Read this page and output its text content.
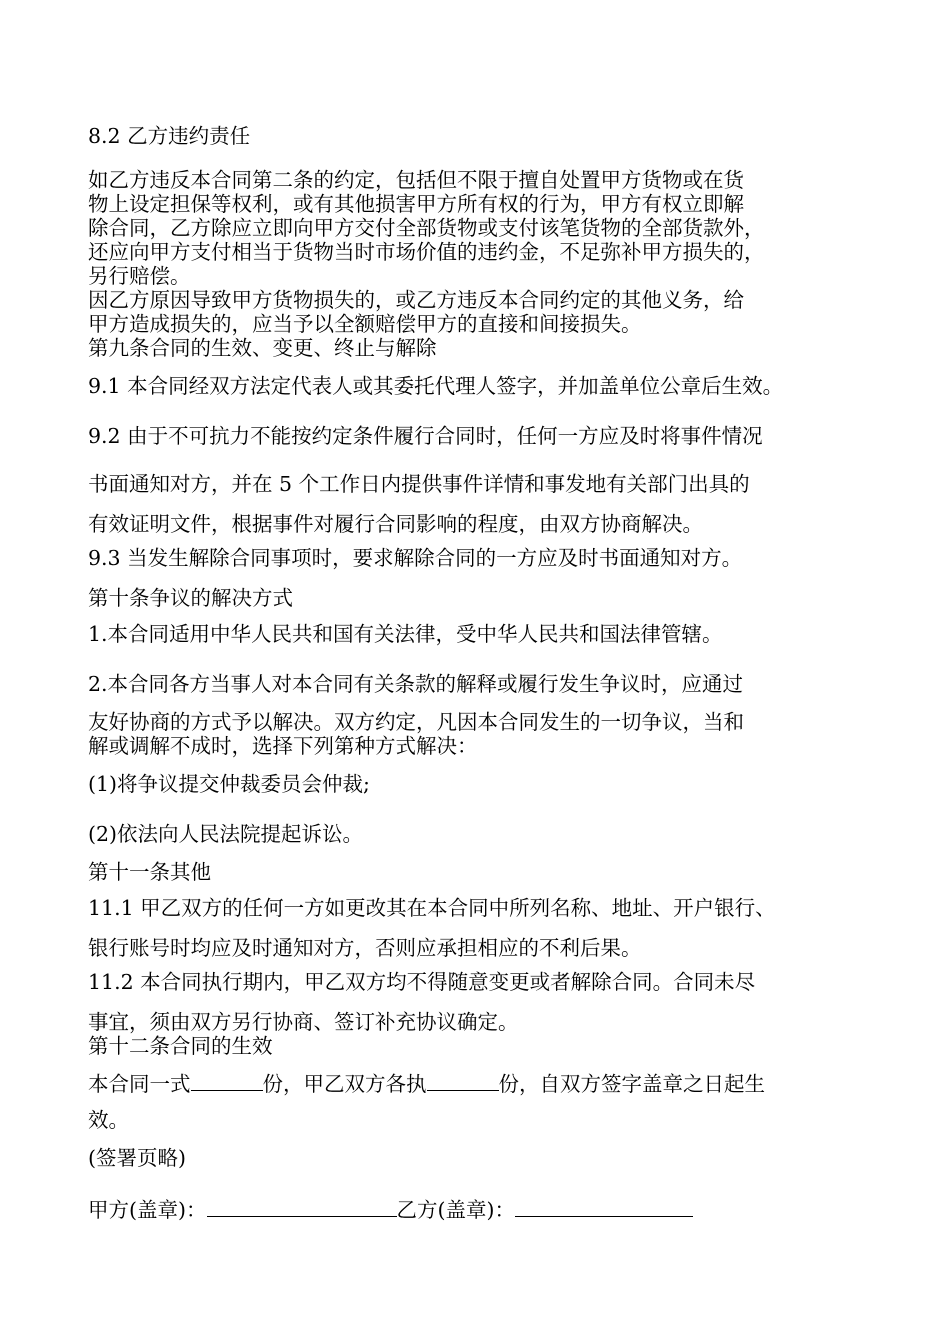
8.2 乙方违约责任
如乙方违反本合同第二条的约定，包括但不限于擅自处置甲方货物或在货
物上设定担保等权利，或有其他损害甲方所有权的行为，甲方有权立即解
除合同，乙方除应立即向甲方交付全部货物或支付该笔货物的全部货款外，
还应向甲方支付相当于货物当时市场价值的违约金，不足弥补甲方损失的，
另行赔偿。
因乙方原因导致甲方货物损失的，或乙方违反本合同约定的其他义务，给
甲方造成损失的，应当予以全额赔偿甲方的直接和间接损失。
第九条合同的生效、变更、终止与解除
9.1 本合同经双方法定代表人或其委托代理人签字，并加盖单位公章后生效。
9.2 由于不可抗力不能按约定条件履行合同时，任何一方应及时将事件情况
书面通知对方，并在 5 个工作日内提供事件详情和事发地有关部门出具的
有效证明文件，根据事件对履行合同影响的程度，由双方协商解决。
9.3 当发生解除合同事项时，要求解除合同的一方应及时书面通知对方。
第十条争议的解决方式
1.本合同适用中华人民共和国有关法律，受中华人民共和国法律管辖。
2.本合同各方当事人对本合同有关条款的解释或履行发生争议时，应通过
友好协商的方式予以解决。双方约定，凡因本合同发生的一切争议，当和
解或调解不成时，选择下列第种方式解决：
(1)将争议提交仲裁委员会仲裁;
(2)依法向人民法院提起诉讼。
第十一条其他
11.1 甲乙双方的任何一方如更改其在本合同中所列名称、地址、开户银行、
银行账号时均应及时通知对方，否则应承担相应的不利后果。
11.2 本合同执行期内，甲乙双方均不得随意变更或者解除合同。合同未尽
事宜，须由双方另行协商、签订补充协议确定。
第十二条合同的生效
本合同一式	份，甲乙双方各执	份，自双方签字盖章之日起生
效。
(签署页略)
甲方(盖章)：	乙方(盖章)：
